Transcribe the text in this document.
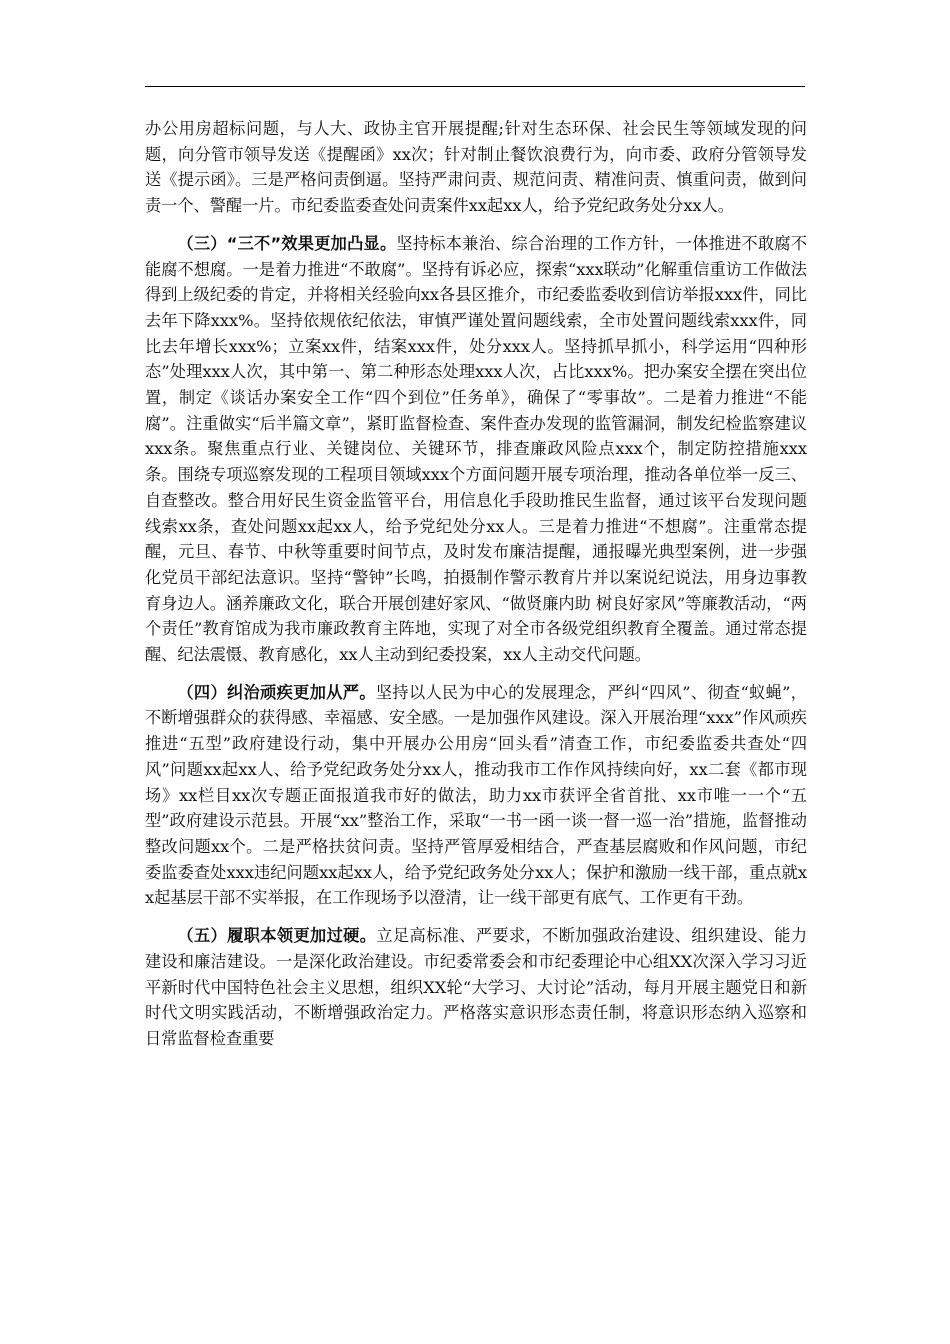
办公用房超标问题，与人大、政协主官开展提醒;针对生态环保、社会民生等领域发现的问题，向分管市领导发送《提醒函》xx次；针对制止餐饮浪费行为，向市委、政府分管领导发送《提示函》。三是严格问责倒逼。坚持严肃问责、规范问责、精准问责、慎重问责，做到问责一个、警醒一片。市纪委监委查处问责案件xx起xx人，给予党纪政务处分xx人。

（三）“三不”效果更加凸显。坚持标本兼治、综合治理的工作方针，一体推进不敢腐不能腐不想腐。一是着力推进“不敢腐”。坚持有诉必应，探索“xxx联动”化解重信重访工作做法得到上级纪委的肯定，并将相关经验向xx各县区推介，市纪委监委收到信访举报xxx件，同比去年下降xxx%。坚持依规依纪依法，审慎严谨处置问题线索，全市处置问题线索xxx件，同比去年增长xxx%；立案xx件，结案xxx件，处分xxx人。坚持抓早抓小，科学运用“四种形态”处理xxx人次，其中第一、第二种形态处理xxx人次，占比xxx%。把办案安全摆在突出位置，制定《谈话办案安全工作“四个到位”任务单》，确保了“零事故”。二是着力推进“不能腐”。注重做实“后半篇文章”，紧盯监督检查、案件查办发现的监管漏洞，制发纪检监察建议xxx条。聚焦重点行业、关键岗位、关键环节，排查廉政风险点xxx个，制定防控措施xxx条。围绕专项巡察发现的工程项目领域xxx个方面问题开展专项治理，推动各单位举一反三、自查整改。整合用好民生资金监管平台，用信息化手段助推民生监督，通过该平台发现问题线索xx条，查处问题xx起xx人，给予党纪处分xx人。三是着力推进“不想腐”。注重常态提醒，元旦、春节、中秋等重要时间节点，及时发布廉洁提醒，通报曝光典型案例，进一步强化党员干部纪法意识。坚持“警钟”长鸣，拍摄制作警示教育片并以案说纪说法，用身边事教育身边人。涵养廉政文化，联合开展创建好家风、“做贤廉内助 树良好家风”等廉教活动，“两个责任”教育馆成为我市廉政教育主阵地，实现了对全市各级党组织教育全覆盖。通过常态提醒、纪法震慑、教育感化，xx人主动到纪委投案，xx人主动交代问题。

（四）纠治顽疾更加从严。坚持以人民为中心的发展理念，严纠“四风”、彻查“蚁蝇”，不断增强群众的获得感、幸福感、安全感。一是加强作风建设。深入开展治理“xxx”作风顽疾推进“五型”政府建设行动，集中开展办公用房“回头看”清查工作，市纪委监委共查处“四风”问题xx起xx人、给予党纪政务处分xx人，推动我市工作作风持续向好，xx二套《都市现场》xx栏目xx次专题正面报道我市好的做法，助力xx市获评全省首批、xx市唯一一个“五型”政府建设示范县。开展“xx”整治工作，采取“一书一函一谈一督一巡一治”措施，监督推动整改问题xx个。二是严格扶贫问责。坚持严管厚爱相结合，严查基层腐败和作风问题，市纪委监委查处xxx违纪问题xx起xx人，给予党纪政务处分xx人；保护和激励一线干部，重点就xx起基层干部不实举报，在工作现场予以澄清，让一线干部更有底气、工作更有干劲。

（五）履职本领更加过硬。立足高标准、严要求，不断加强政治建设、组织建设、能力建设和廉洁建设。一是深化政治建设。市纪委常委会和市纪委理论中心组XX次深入学习习近平新时代中国特色社会主义思想，组织XX轮“大学习、大讨论”活动，每月开展主题党日和新时代文明实践活动，不断增强政治定力。严格落实意识形态责任制，将意识形态纳入巡察和日常监督检查重要
